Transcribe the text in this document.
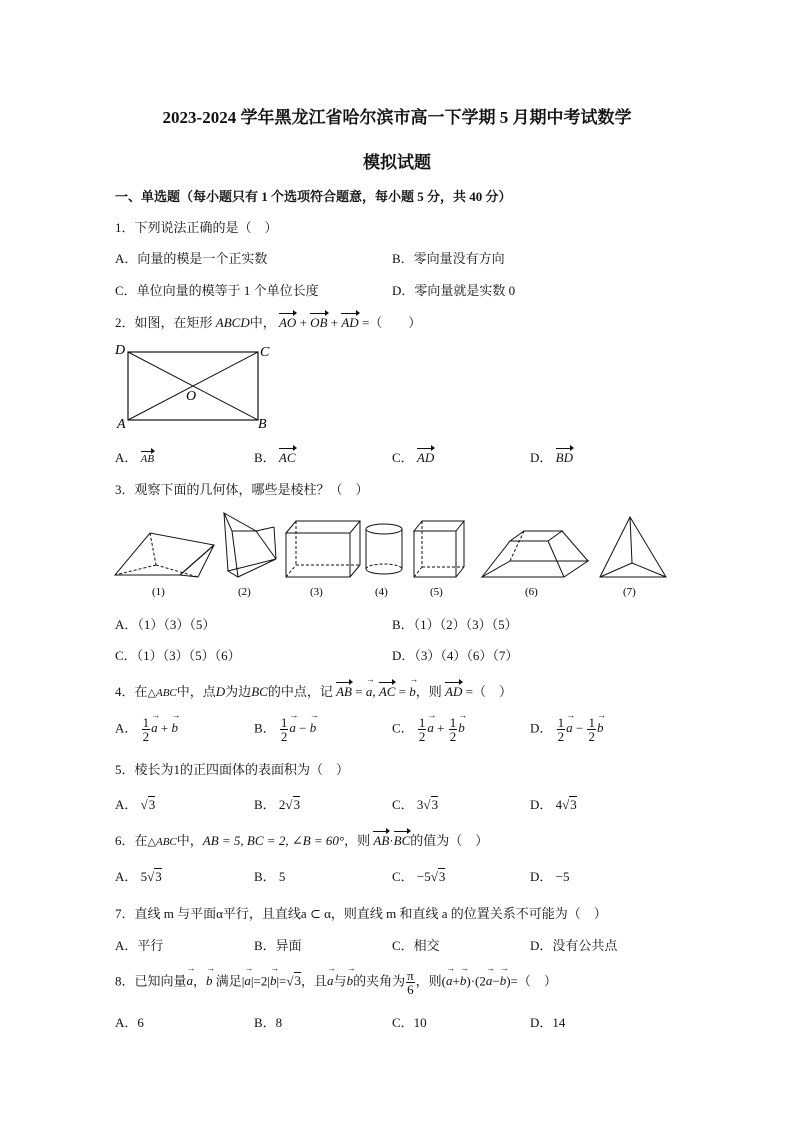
2023-2024 学年黑龙江省哈尔滨市高一下学期 5 月期中考试数学
模拟试题
一、单选题（每小题只有 1 个选项符合题意，每小题 5 分，共 40 分）
1．下列说法正确的是（　）
A．向量的模是一个正实数	B．零向量没有方向
C．单位向量的模等于 1 个单位长度	D．零向量就是实数 0
2．如图，在矩形 ABCD中， AO + OB + AD =（　　）
D	C
A	B
O
A． AB	B． AC	C． AD	D． BD
3．观察下面的几何体，哪些是棱柱？（　）
(1)	(2)	(3)	(4)	(5)	(6)	(7)
A．（1）（3）（5）	B．（1）（2）（3）（5）
C．（1）（3）（5）（6）	D．（3）（4）（6）（7）
4．在△ABC中，点D为边BC的中点，记 AB = → a, AC = → b，则 AD =（　）
A． $\frac{1}{2}$
→ a + → b	B． $\frac{1}{2}$
→ a − → b	C． $\frac{1}{2}$
→ $a + \frac{1}{2}$
→ b	D． $\frac{1}{2}$
→ $a - \frac{1}{2}$
→ b
5．棱长为1的正四面体的表面积为（　）
A． √3	B． 2√3	C． 3√3	D． 4√3
6．在△ABC中，AB = 5, BC = 2, ∠B = 60°，则 AB·BC的值为（　）
A． 5√3	B． 5	C． −5√3	D． −5
7．直线 m 与平面α平行，且直线a ⊂ α，则直线 m 和直线 a 的位置关系不可能为（　）
A．平行	B．异面	C．相交	D．没有公共点
8．已知向量→ a，→ b 满足|→ a|=2|→ b|=√3，且→ a与→ b的夹角为 $\frac{\pi}{6}$ ，则(→ a+→ b)·(2→ a−→ b)=（　）
A．6	B．8	C．10	D．14
